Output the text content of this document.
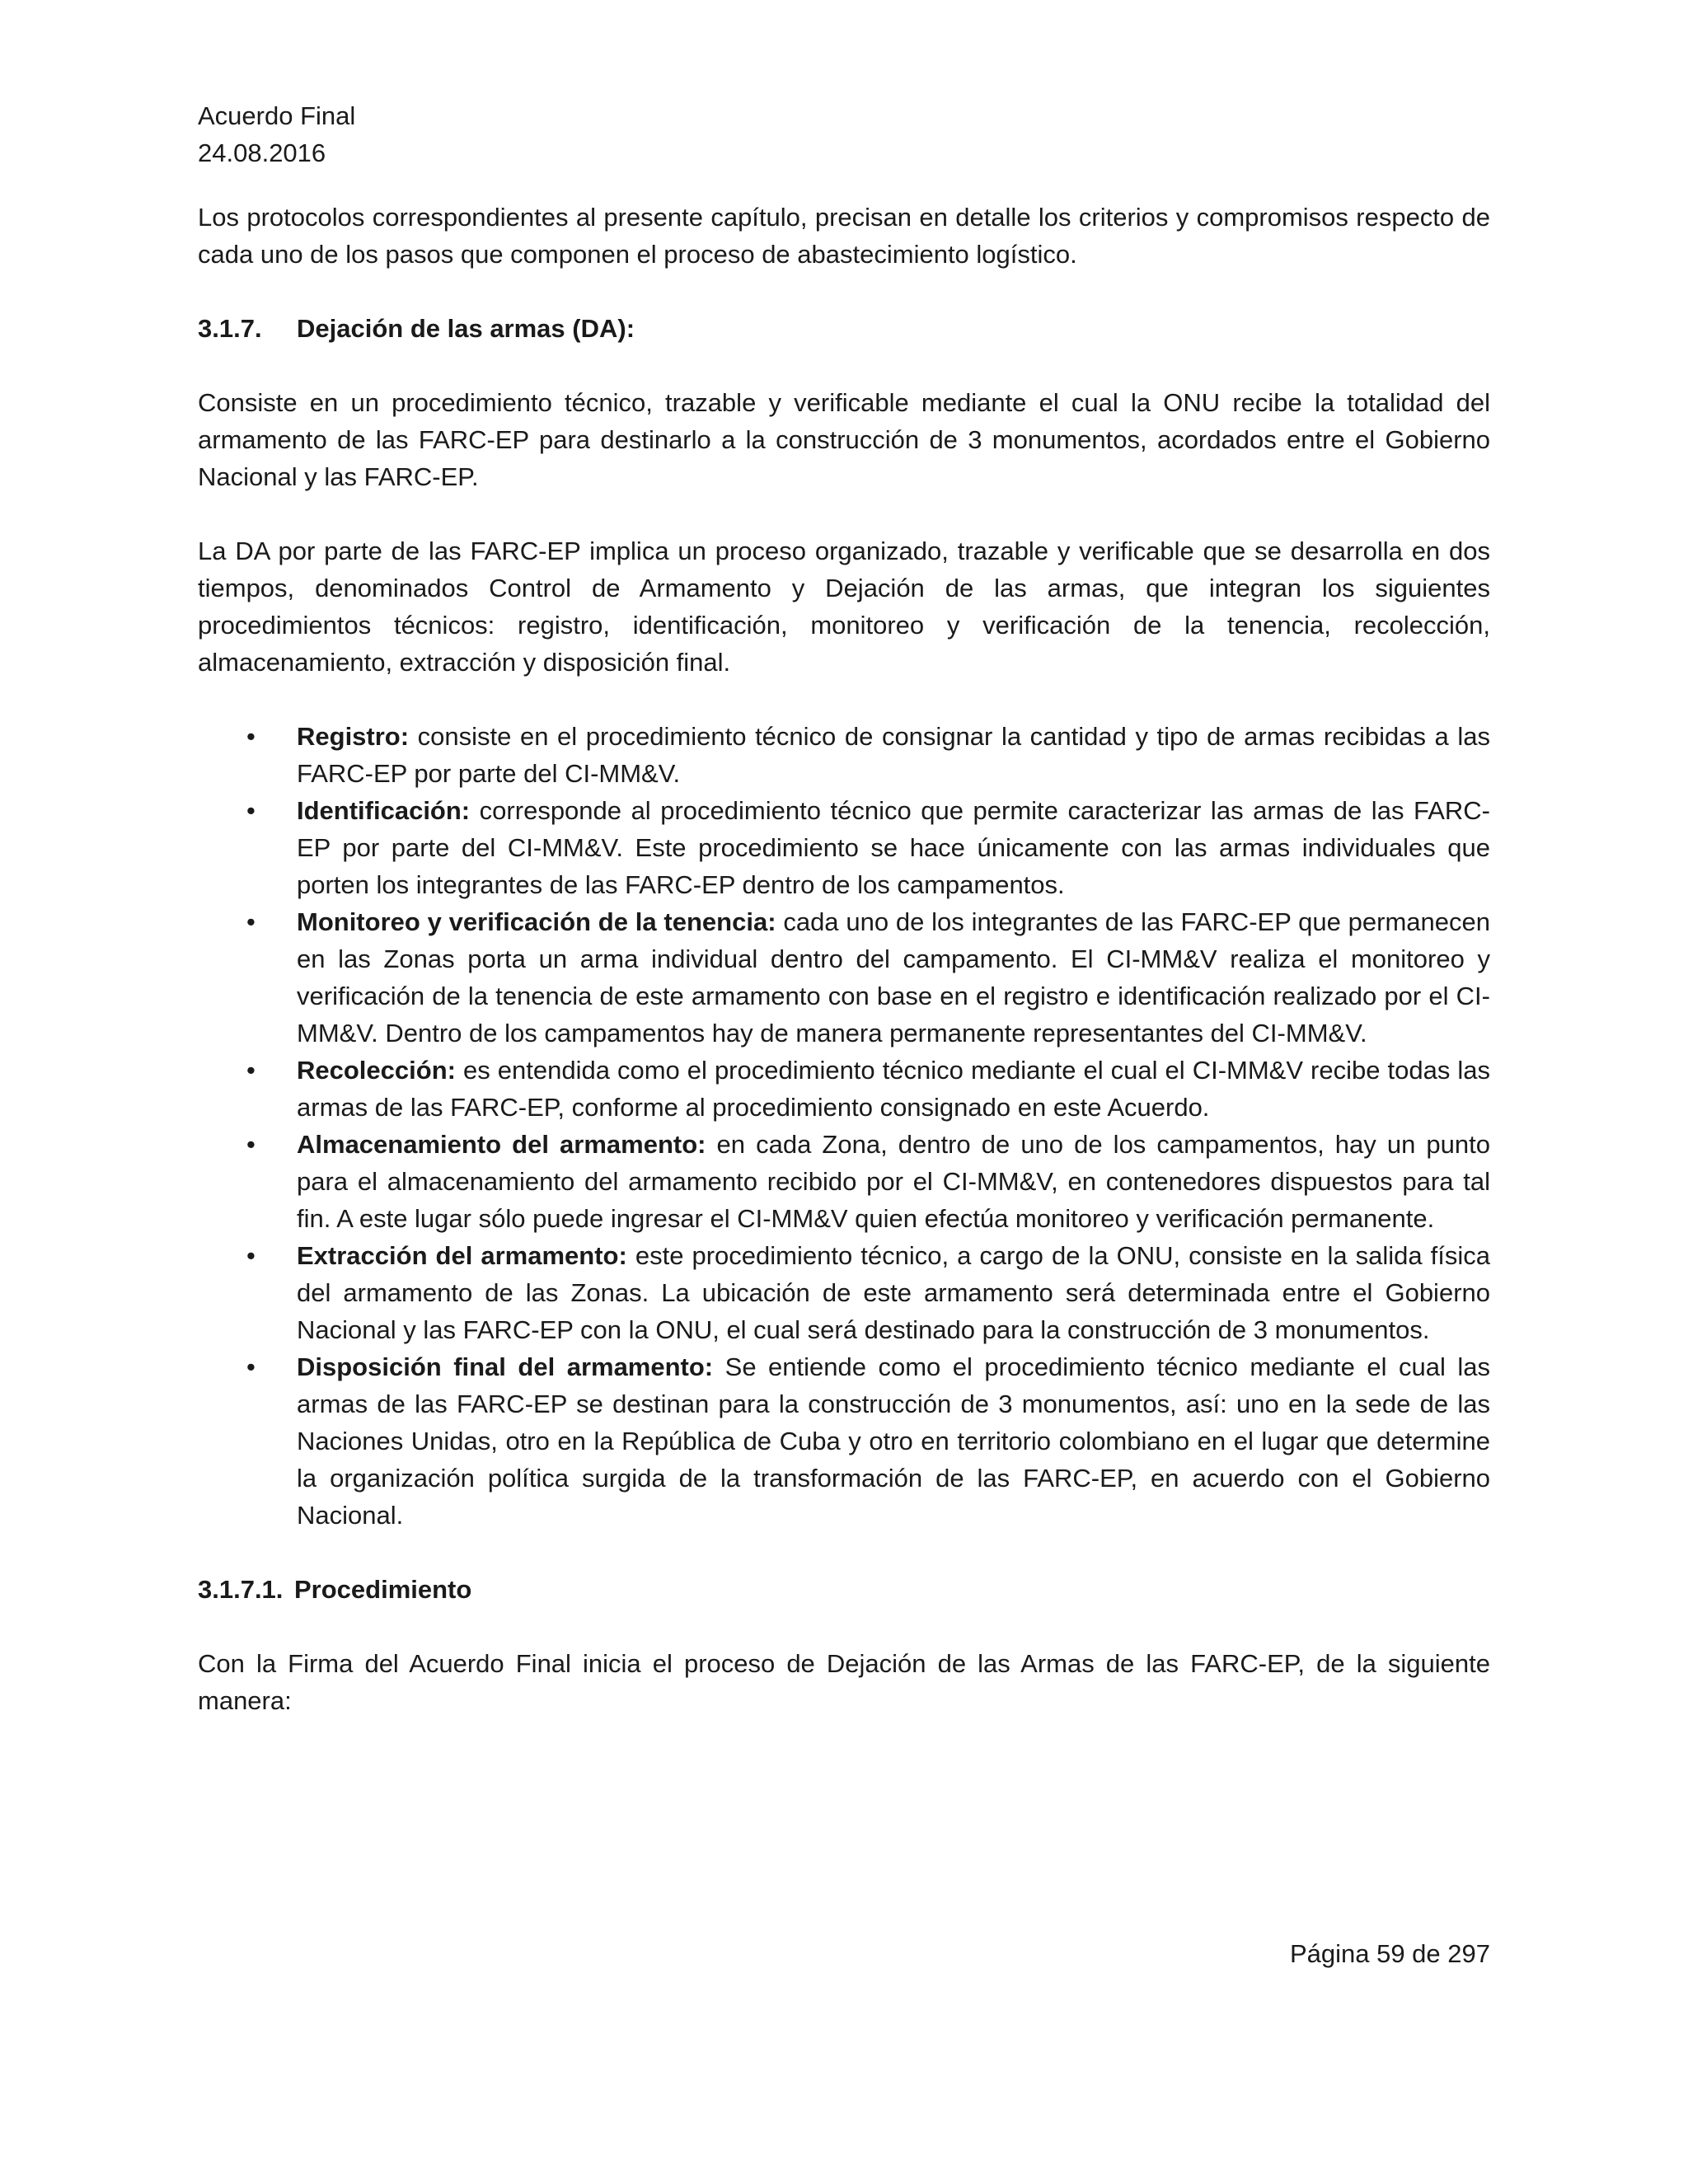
Acuerdo Final
24.08.2016

Los protocolos correspondientes al presente capítulo, precisan en detalle los criterios y compromisos respecto de cada uno de los pasos que componen el proceso de abastecimiento logístico.

3.1.7. Dejación de las armas (DA):

Consiste en un procedimiento técnico, trazable y verificable mediante el cual la ONU recibe la totalidad del armamento de las FARC-EP para destinarlo a la construcción de 3 monumentos, acordados entre el Gobierno Nacional y las FARC-EP.

La DA por parte de las FARC-EP implica un proceso organizado, trazable y verificable que se desarrolla en dos tiempos, denominados Control de Armamento y Dejación de las armas, que integran los siguientes procedimientos técnicos: registro, identificación, monitoreo y verificación de la tenencia, recolección, almacenamiento, extracción y disposición final.

• Registro: consiste en el procedimiento técnico de consignar la cantidad y tipo de armas recibidas a las FARC-EP por parte del CI-MM&V.
• Identificación: corresponde al procedimiento técnico que permite caracterizar las armas de las FARC-EP por parte del CI-MM&V. Este procedimiento se hace únicamente con las armas individuales que porten los integrantes de las FARC-EP dentro de los campamentos.
• Monitoreo y verificación de la tenencia: cada uno de los integrantes de las FARC-EP que permanecen en las Zonas porta un arma individual dentro del campamento. El CI-MM&V realiza el monitoreo y verificación de la tenencia de este armamento con base en el registro e identificación realizado por el CI-MM&V. Dentro de los campamentos hay de manera permanente representantes del CI-MM&V.
• Recolección: es entendida como el procedimiento técnico mediante el cual el CI-MM&V recibe todas las armas de las FARC-EP, conforme al procedimiento consignado en este Acuerdo.
• Almacenamiento del armamento: en cada Zona, dentro de uno de los campamentos, hay un punto para el almacenamiento del armamento recibido por el CI-MM&V, en contenedores dispuestos para tal fin. A este lugar sólo puede ingresar el CI-MM&V quien efectúa monitoreo y verificación permanente.
• Extracción del armamento: este procedimiento técnico, a cargo de la ONU, consiste en la salida física del armamento de las Zonas. La ubicación de este armamento será determinada entre el Gobierno Nacional y las FARC-EP con la ONU, el cual será destinado para la construcción de 3 monumentos.
• Disposición final del armamento: Se entiende como el procedimiento técnico mediante el cual las armas de las FARC-EP se destinan para la construcción de 3 monumentos, así: uno en la sede de las Naciones Unidas, otro en la República de Cuba y otro en territorio colombiano en el lugar que determine la organización política surgida de la transformación de las FARC-EP, en acuerdo con el Gobierno Nacional.
3.1.7.1. Procedimiento

Con la Firma del Acuerdo Final inicia el proceso de Dejación de las Armas de las FARC-EP, de la siguiente manera:

Página 59 de 297
